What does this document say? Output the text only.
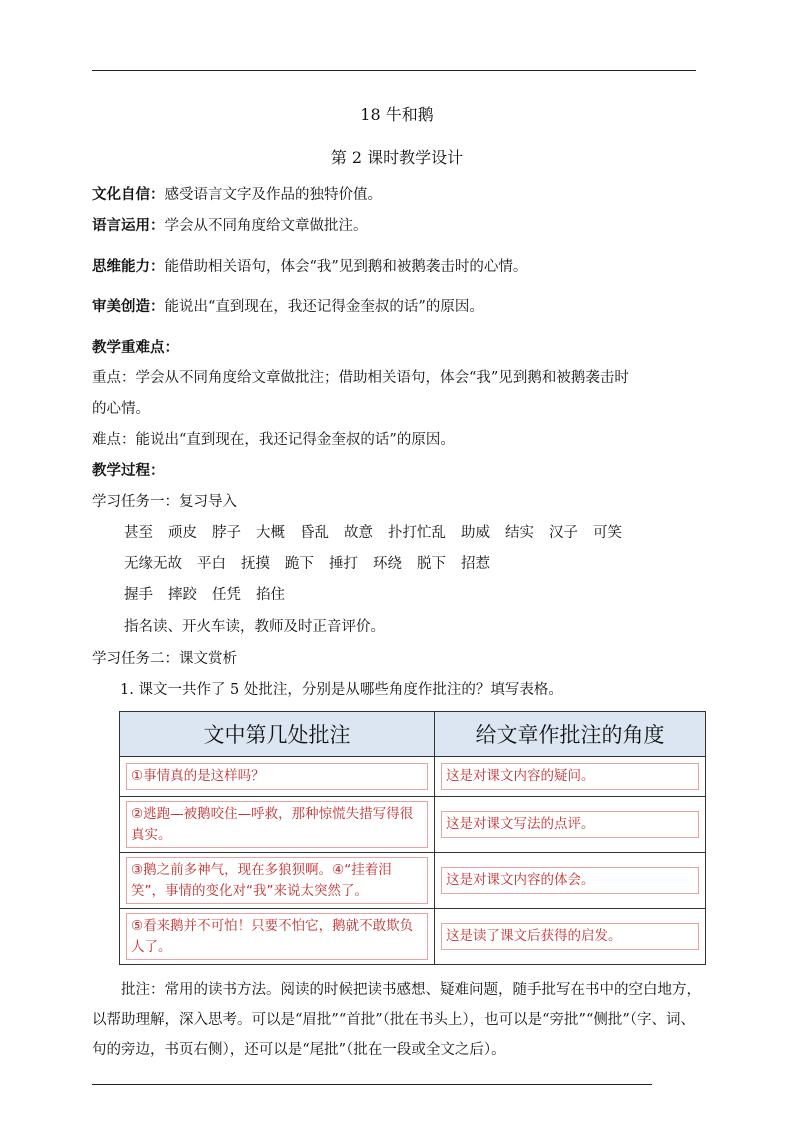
18 牛和鹅
第 2 课时教学设计
文化自信：感受语言文字及作品的独特价值。
语言运用：学会从不同角度给文章做批注。
思维能力：能借助相关语句，体会“我”见到鹅和被鹅袭击时的心情。
审美创造：能说出“直到现在，我还记得金奎叔的话”的原因。
教学重难点：
重点：学会从不同角度给文章做批注；借助相关语句，体会“我”见到鹅和被鹅袭击时
的心情。
难点：能说出“直到现在，我还记得金奎叔的话”的原因。
教学过程：
学习任务一：复习导入
甚至 顽皮 脖子 大概 昏乱 故意 扑打忙乱 助威 结实 汉子 可笑
无缘无故 平白 抚摸 跪下 捶打 环绕 脱下 招惹
握手 摔跤 任凭 掐住
指名读、开火车读，教师及时正音评价。
学习任务二：课文赏析
1. 课文一共作了 5 处批注，分别是从哪些角度作批注的？填写表格。
文中第几处批注	给文章作批注的角度

①事情真的是这样吗？	这是对课文内容的疑问。

②逃跑—被鹅咬住—呼救，那种惊慌失措写得很真实。	这是对课文写法的点评。

③鹅之前多神气，现在多狼狈啊。④“挂着泪笑”，事情的变化对“我”来说太突然了。	这是对课文内容的体会。

⑤看来鹅并不可怕！只要不怕它，鹅就不敢欺负人了。	这是读了课文后获得的启发。
批注：常用的读书方法。阅读的时候把读书感想、疑难问题，随手批写在书中的空白地方，以帮助理解，深入思考。可以是“眉批”“首批”（批在书头上），也可以是“旁批”“侧批”（字、词、句的旁边，书页右侧），还可以是“尾批”（批在一段或全文之后）。
